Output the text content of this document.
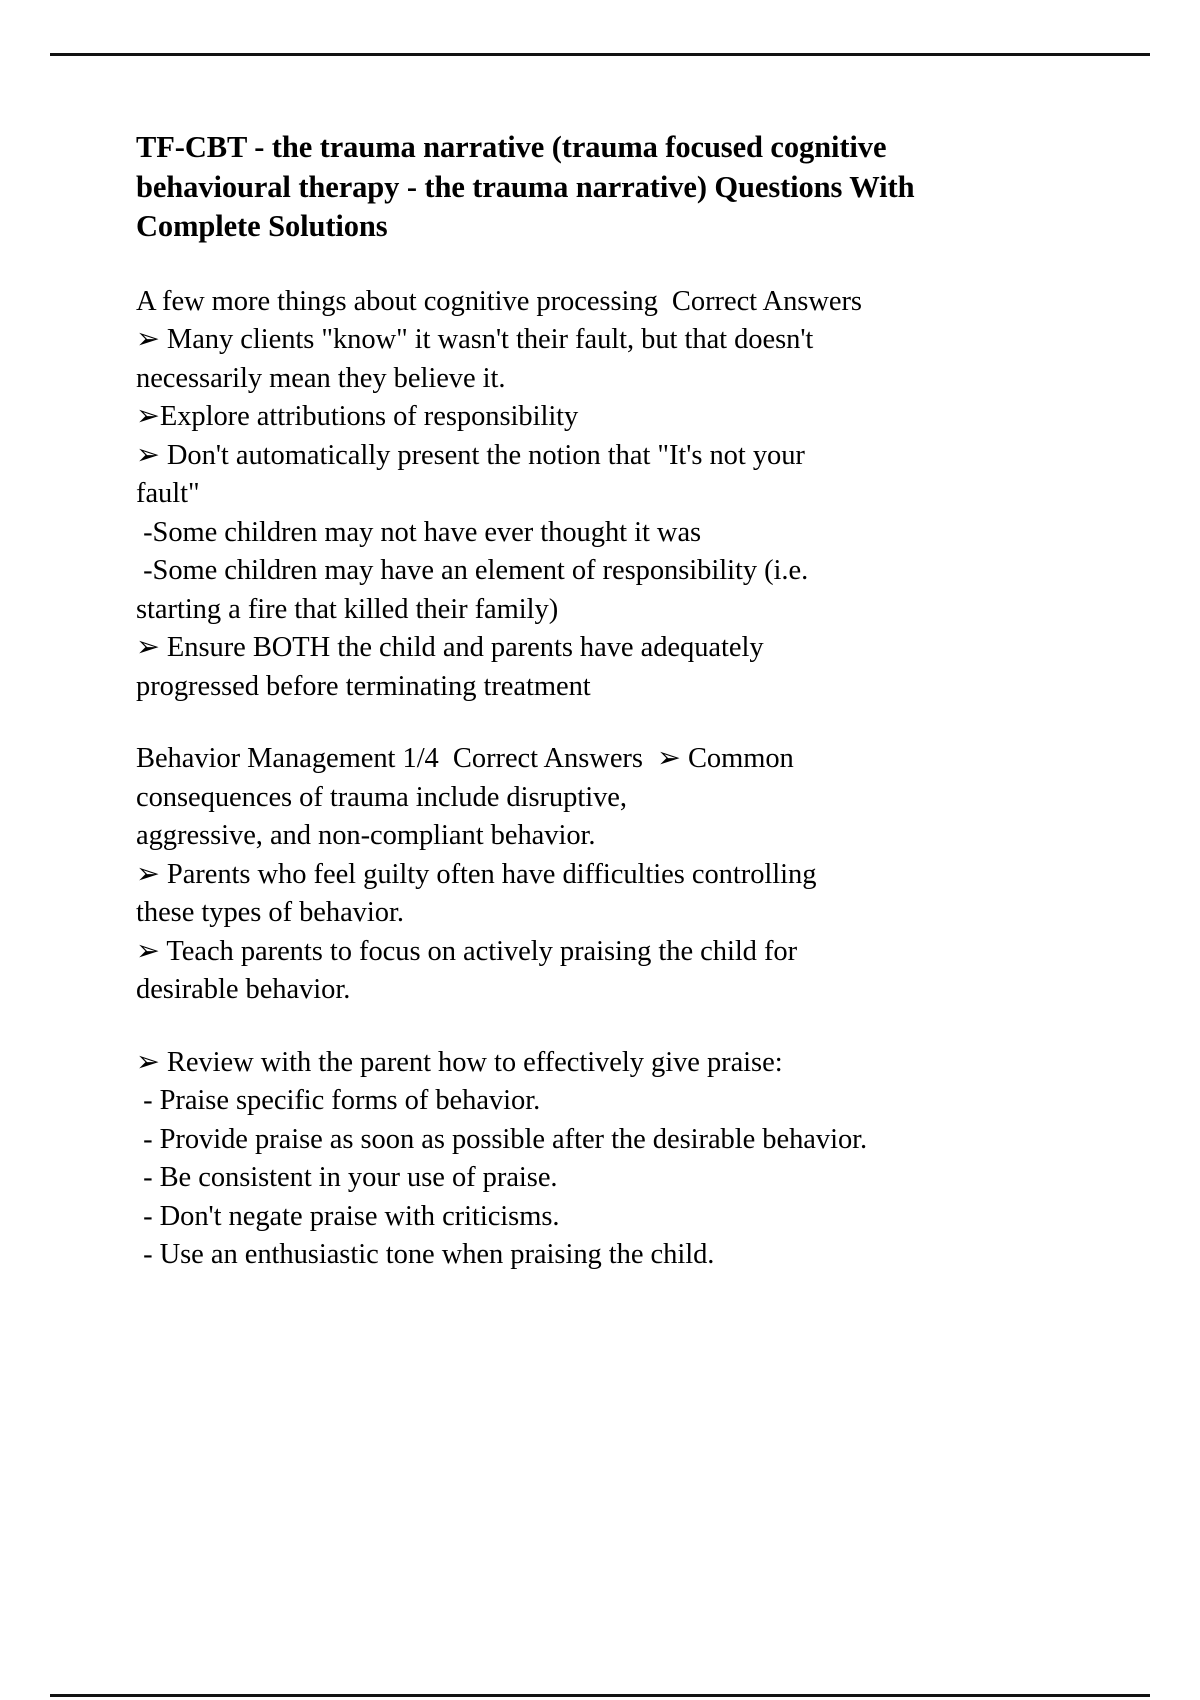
TF-CBT - the trauma narrative (trauma focused cognitive behavioural therapy - the trauma narrative) Questions With Complete Solutions
A few more things about cognitive processing  Correct Answers
➢ Many clients "know" it wasn't their fault, but that doesn't
necessarily mean they believe it.
➢Explore attributions of responsibility
➢ Don't automatically present the notion that "It's not your
fault"
-Some children may not have ever thought it was
-Some children may have an element of responsibility (i.e.
starting a fire that killed their family)
➢ Ensure BOTH the child and parents have adequately
progressed before terminating treatment
Behavior Management 1/4  Correct Answers  ➢ Common
consequences of trauma include disruptive,
aggressive, and non-compliant behavior.
➢ Parents who feel guilty often have difficulties controlling
these types of behavior.
➢ Teach parents to focus on actively praising the child for
desirable behavior.
➢ Review with the parent how to effectively give praise:
- Praise specific forms of behavior.
- Provide praise as soon as possible after the desirable behavior.
- Be consistent in your use of praise.
- Don't negate praise with criticisms.
- Use an enthusiastic tone when praising the child.
